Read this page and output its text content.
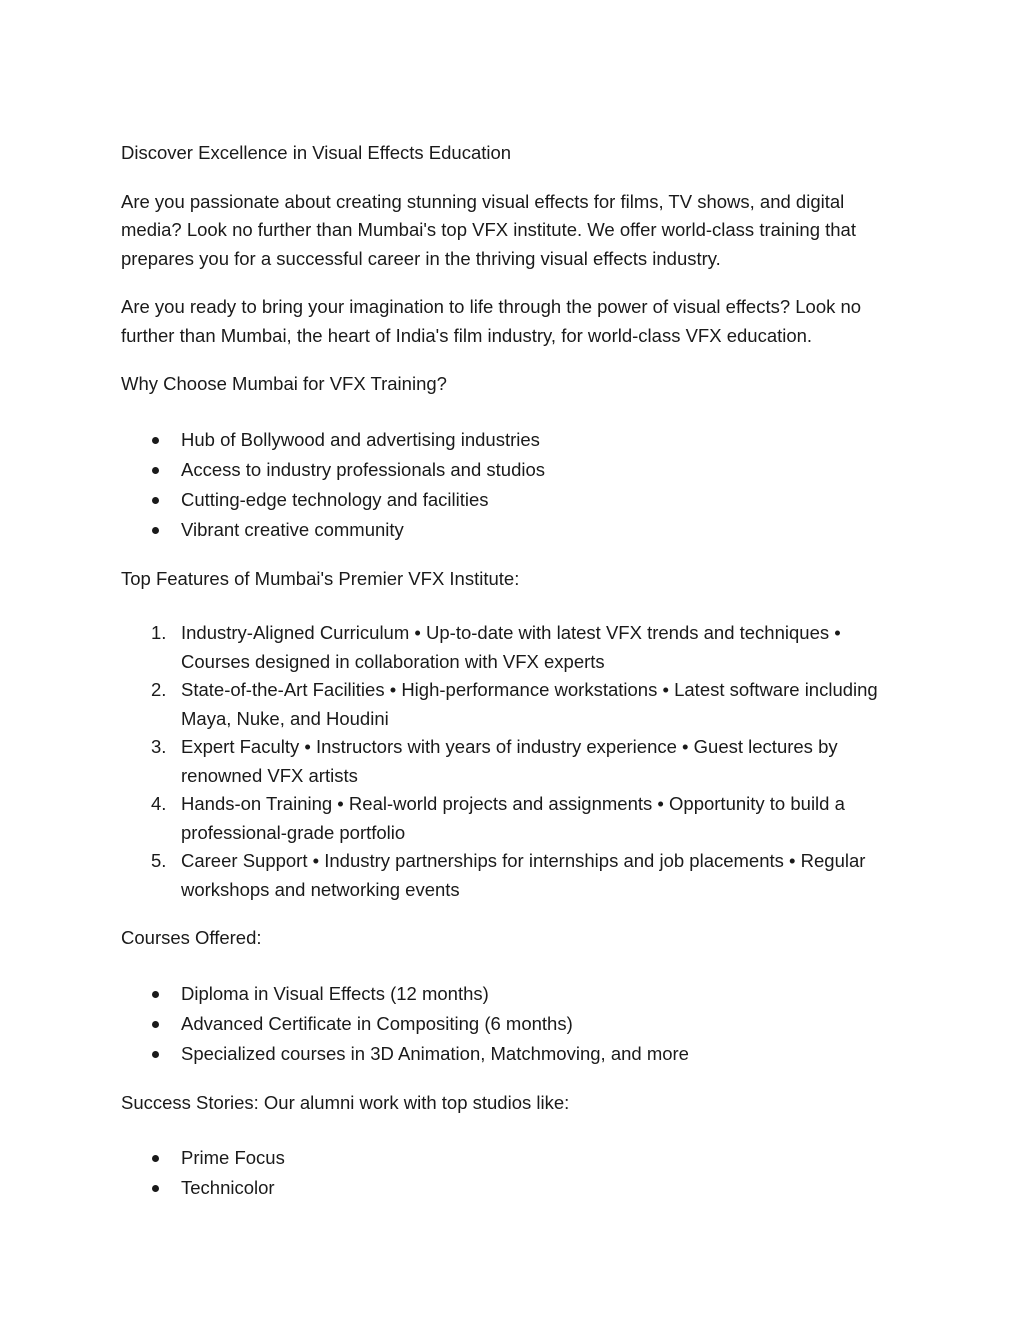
Discover Excellence in Visual Effects Education

Are you passionate about creating stunning visual effects for films, TV shows, and digital media? Look no further than Mumbai's top VFX institute. We offer world-class training that prepares you for a successful career in the thriving visual effects industry.

Are you ready to bring your imagination to life through the power of visual effects? Look no further than Mumbai, the heart of India's film industry, for world-class VFX education.

Why Choose Mumbai for VFX Training?

Hub of Bollywood and advertising industries
Access to industry professionals and studios
Cutting-edge technology and facilities
Vibrant creative community

Top Features of Mumbai's Premier VFX Institute:

1. Industry-Aligned Curriculum • Up-to-date with latest VFX trends and techniques • Courses designed in collaboration with VFX experts
2. State-of-the-Art Facilities • High-performance workstations • Latest software including Maya, Nuke, and Houdini
3. Expert Faculty • Instructors with years of industry experience • Guest lectures by renowned VFX artists
4. Hands-on Training • Real-world projects and assignments • Opportunity to build a professional-grade portfolio
5. Career Support • Industry partnerships for internships and job placements • Regular workshops and networking events

Courses Offered:

Diploma in Visual Effects (12 months)
Advanced Certificate in Compositing (6 months)
Specialized courses in 3D Animation, Matchmoving, and more

Success Stories: Our alumni work with top studios like:

Prime Focus
Technicolor
